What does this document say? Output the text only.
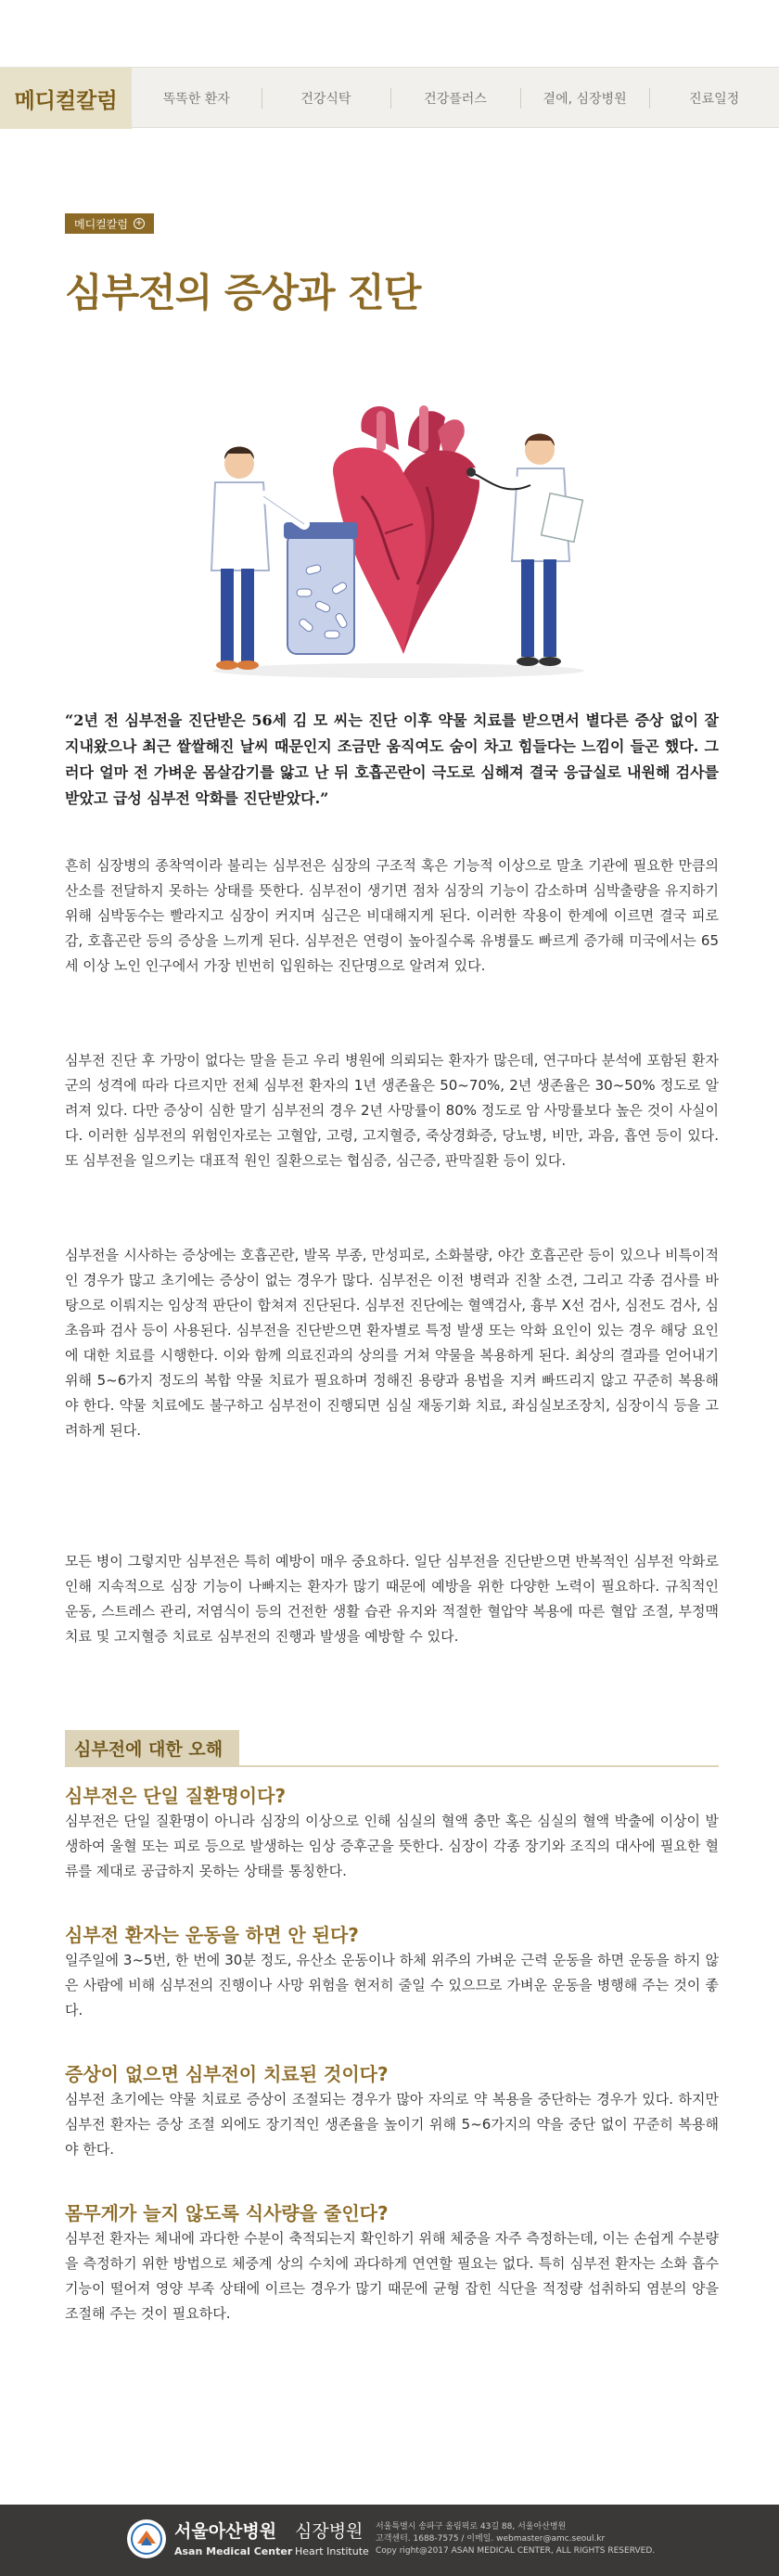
메디컬칼럼	똑똑한 환자	건강식탁	건강플러스	곁에, 심장병원	진료일정
메디컬칼럼 +
심부전의 증상과 진단

“2년 전 심부전을 진단받은 56세 김 모 씨는 진단 이후 약물 치료를 받으면서 별다른 증상 없이 잘 지내왔으나 최근 쌀쌀해진 날씨 때문인지 조금만 움직여도 숨이 차고 힘들다는 느낌이 들곤 했다. 그러다 얼마 전 가벼운 몸살감기를 앓고 난 뒤 호흡곤란이 극도로 심해져 결국 응급실로 내원해 검사를 받았고 급성 심부전 악화를 진단받았다.”

흔히 심장병의 종착역이라 불리는 심부전은 심장의 구조적 혹은 기능적 이상으로 말초 기관에 필요한 만큼의 산소를 전달하지 못하는 상태를 뜻한다. 심부전이 생기면 점차 심장의 기능이 감소하며 심박출량을 유지하기 위해 심박동수는 빨라지고 심장이 커지며 심근은 비대해지게 된다. 이러한 작용이 한계에 이르면 결국 피로감, 호흡곤란 등의 증상을 느끼게 된다. 심부전은 연령이 높아질수록 유병률도 빠르게 증가해 미국에서는 65세 이상 노인 인구에서 가장 빈번히 입원하는 진단명으로 알려져 있다.

심부전 진단 후 가망이 없다는 말을 듣고 우리 병원에 의뢰되는 환자가 많은데, 연구마다 분석에 포함된 환자군의 성격에 따라 다르지만 전체 심부전 환자의 1년 생존율은 50~70%, 2년 생존율은 30~50% 정도로 알려져 있다. 다만 증상이 심한 말기 심부전의 경우 2년 사망률이 80% 정도로 암 사망률보다 높은 것이 사실이다. 이러한 심부전의 위험인자로는 고혈압, 고령, 고지혈증, 죽상경화증, 당뇨병, 비만, 과음, 흡연 등이 있다. 또 심부전을 일으키는 대표적 원인 질환으로는 협심증, 심근증, 판막질환 등이 있다.

심부전을 시사하는 증상에는 호흡곤란, 발목 부종, 만성피로, 소화불량, 야간 호흡곤란 등이 있으나 비특이적인 경우가 많고 초기에는 증상이 없는 경우가 많다. 심부전은 이전 병력과 진찰 소견, 그리고 각종 검사를 바탕으로 이뤄지는 임상적 판단이 합쳐져 진단된다. 심부전 진단에는 혈액검사, 흉부 X선 검사, 심전도 검사, 심초음파 검사 등이 사용된다. 심부전을 진단받으면 환자별로 특정 발생 또는 악화 요인이 있는 경우 해당 요인에 대한 치료를 시행한다. 이와 함께 의료진과의 상의를 거쳐 약물을 복용하게 된다. 최상의 결과를 얻어내기 위해 5~6가지 정도의 복합 약물 치료가 필요하며 정해진 용량과 용법을 지켜 빠뜨리지 않고 꾸준히 복용해야 한다. 약물 치료에도 불구하고 심부전이 진행되면 심실 재동기화 치료, 좌심실보조장치, 심장이식 등을 고려하게 된다.

모든 병이 그렇지만 심부전은 특히 예방이 매우 중요하다. 일단 심부전을 진단받으면 반복적인 심부전 악화로 인해 지속적으로 심장 기능이 나빠지는 환자가 많기 때문에 예방을 위한 다양한 노력이 필요하다. 규칙적인 운동, 스트레스 관리, 저염식이 등의 건전한 생활 습관 유지와 적절한 혈압약 복용에 따른 혈압 조절, 부정맥 치료 및 고지혈증 치료로 심부전의 진행과 발생을 예방할 수 있다.

심부전에 대한 오해
심부전은 단일 질환명이다?

심부전은 단일 질환명이 아니라 심장의 이상으로 인해 심실의 혈액 충만 혹은 심실의 혈액 박출에 이상이 발생하여 울혈 또는 피로 등으로 발생하는 임상 증후군을 뜻한다. 심장이 각종 장기와 조직의 대사에 필요한 혈류를 제대로 공급하지 못하는 상태를 통칭한다.

심부전 환자는 운동을 하면 안 된다?

일주일에 3~5번, 한 번에 30분 정도, 유산소 운동이나 하체 위주의 가벼운 근력 운동을 하면 운동을 하지 않은 사람에 비해 심부전의 진행이나 사망 위험을 현저히 줄일 수 있으므로 가벼운 운동을 병행해 주는 것이 좋다.

증상이 없으면 심부전이 치료된 것이다?

심부전 초기에는 약물 치료로 증상이 조절되는 경우가 많아 자의로 약 복용을 중단하는 경우가 있다. 하지만 심부전 환자는 증상 조절 외에도 장기적인 생존율을 높이기 위해 5~6가지의 약을 중단 없이 꾸준히 복용해야 한다.

몸무게가 늘지 않도록 식사량을 줄인다?

심부전 환자는 체내에 과다한 수분이 축적되는지 확인하기 위해 체중을 자주 측정하는데, 이는 손쉽게 수분량을 측정하기 위한 방법으로 체중계 상의 수치에 과다하게 연연할 필요는 없다. 특히 심부전 환자는 소화 흡수 기능이 떨어져 영양 부족 상태에 이르는 경우가 많기 때문에 균형 잡힌 식단을 적정량 섭취하되 염분의 양을 조절해 주는 것이 필요하다.

서울아산병원 심장병원
Asan Medical Center Heart Institute
서울특별시 송파구 올림픽로 43길 88, 서울아산병원
고객센터. 1688-7575 / 이메일. webmaster@amc.seoul.kr
Copy right@2017 ASAN MEDICAL CENTER, ALL RIGHTS RESERVED.
